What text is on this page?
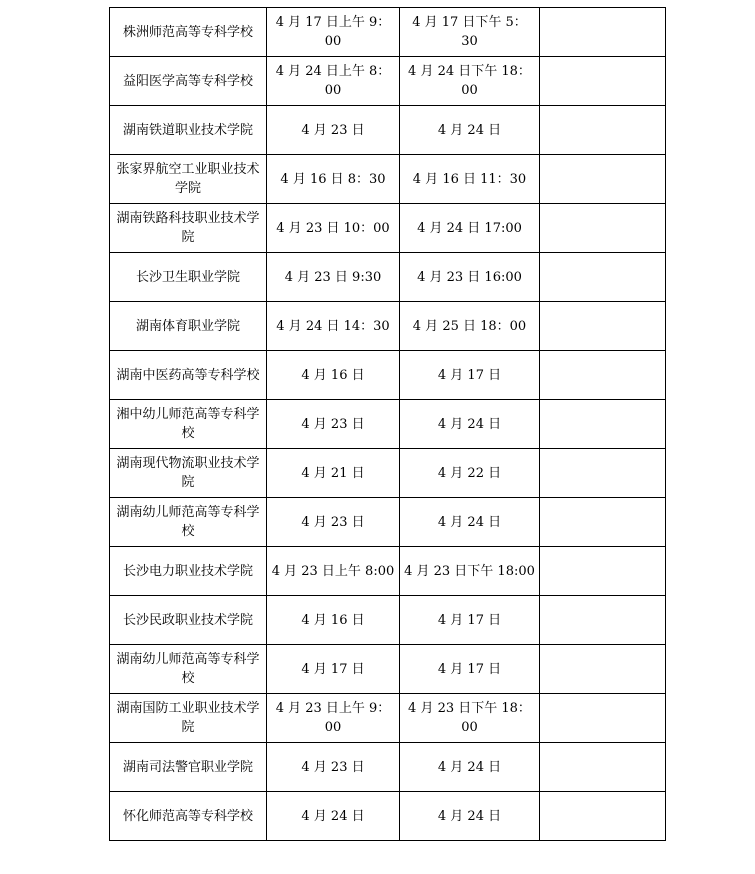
株洲师范高等专科学校	4 月 17 日上午 9：00	4 月 17 日下午 5：30	
益阳医学高等专科学校	4 月 24 日上午 8：00	4 月 24 日下午 18：00	
湖南铁道职业技术学院	4 月 23 日	4 月 24 日	
张家界航空工业职业技术学院	4 月 16 日 8：30	4 月 16 日 11：30	
湖南铁路科技职业技术学院	4 月 23 日 10：00	4 月 24 日 17:00	
长沙卫生职业学院	4 月 23 日 9:30	4 月 23 日 16:00	
湖南体育职业学院	4 月 24 日 14：30	4 月 25 日 18：00	
湖南中医药高等专科学校	4 月 16 日	4 月 17 日	
湘中幼儿师范高等专科学校	4 月 23 日	4 月 24 日	
湖南现代物流职业技术学院	4 月 21 日	4 月 22 日	
湖南幼儿师范高等专科学校	4 月 23 日	4 月 24 日	
长沙电力职业技术学院	4 月 23 日上午 8:00	4 月 23 日下午 18:00	
长沙民政职业技术学院	4 月 16 日	4 月 17 日	
湖南幼儿师范高等专科学校	4 月 17 日	4 月 17 日	
湖南国防工业职业技术学院	4 月 23 日上午 9：00	4 月 23 日下午 18：00	
湖南司法警官职业学院	4 月 23 日	4 月 24 日	
怀化师范高等专科学校	4 月 24 日	4 月 24 日	
